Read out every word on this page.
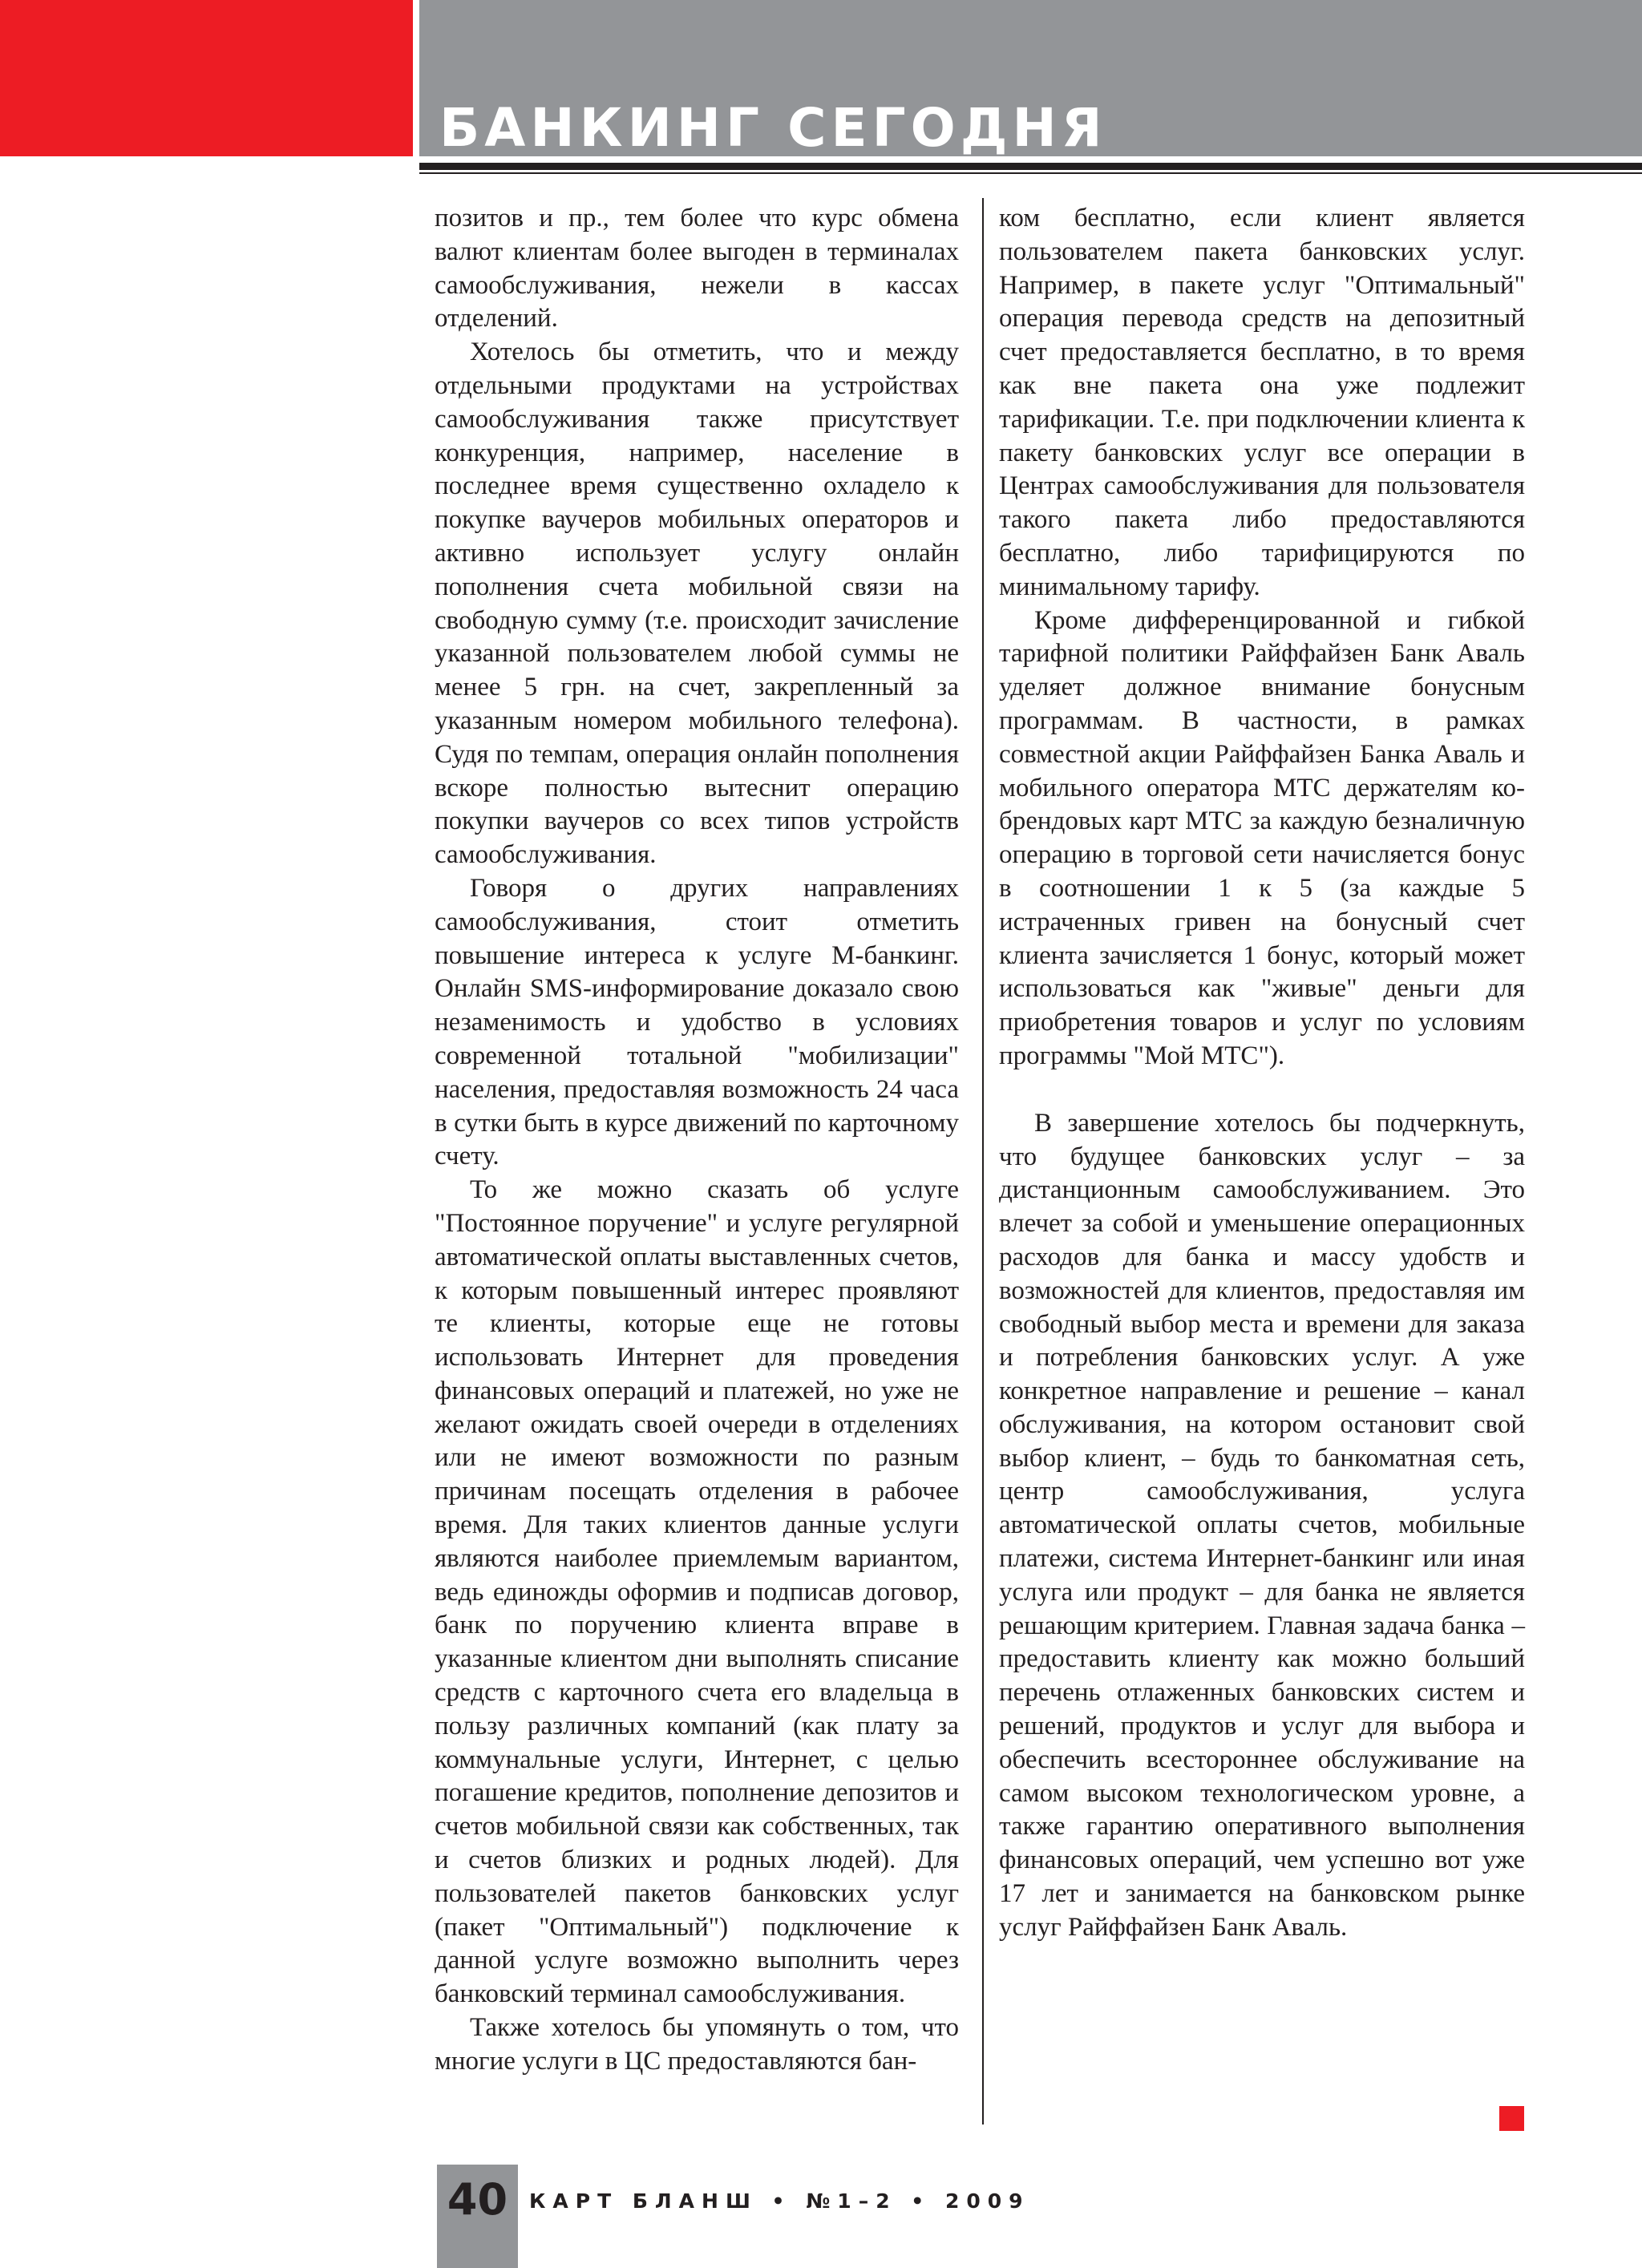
БАНКИНГ СЕГОДНЯ

позитов и пр., тем более что курс обмена валют клиентам более выгоден в терминалах самообслуживания, нежели в кассах отделений.

Хотелось бы отметить, что и между отдельными продуктами на устройствах самообслуживания также присутствует конкуренция, например, население в последнее время существенно охладело к покупке ваучеров мобильных операторов и активно использует услугу онлайн пополнения счета мобильной связи на свободную сумму (т.е. происходит зачисление указанной пользователем любой суммы не менее 5 грн. на счет, закрепленный за указанным номером мобильного телефона). Судя по темпам, операция онлайн пополнения вскоре полностью вытеснит операцию покупки ваучеров со всех типов устройств самообслуживания.

Говоря о других направлениях самообслуживания, стоит отметить повышение интереса к услуге М-банкинг. Онлайн SMS-информирование доказало свою незаменимость и удобство в условиях современной тотальной "мобилизации" населения, предоставляя возможность 24 часа в сутки быть в курсе движений по карточному счету.

То же можно сказать об услуге "Постоянное поручение" и услуге регулярной автоматической оплаты выставленных счетов, к которым повышенный интерес проявляют те клиенты, которые еще не готовы использовать Интернет для проведения финансовых операций и платежей, но уже не желают ожидать своей очереди в отделениях или не имеют возможности по разным причинам посещать отделения в рабочее время. Для таких клиентов данные услуги являются наиболее приемлемым вариантом, ведь единожды оформив и подписав договор, банк по поручению клиента вправе в указанные клиентом дни выполнять списание средств с карточного счета его владельца в пользу различных компаний (как плату за коммунальные услуги, Интернет, с целью погашение кредитов, пополнение депозитов и счетов мобильной связи как собственных, так и счетов близких и родных людей). Для пользователей пакетов банковских услуг (пакет "Оптимальный") подключение к данной услуге возможно выполнить через банковский терминал самообслуживания.

Также хотелось бы упомянуть о том, что многие услуги в ЦС предоставляются бан-

ком бесплатно, если клиент является пользователем пакета банковских услуг. Например, в пакете услуг "Оптимальный" операция перевода средств на депозитный счет предоставляется бесплатно, в то время как вне пакета она уже подлежит тарификации. Т.е. при подключении клиента к пакету банковских услуг все операции в Центрах самообслуживания для пользователя такого пакета либо предоставляются бесплатно, либо тарифицируются по минимальному тарифу.

Кроме дифференцированной и гибкой тарифной политики Райффайзен Банк Аваль уделяет должное внимание бонусным программам. В частности, в рамках совместной акции Райффайзен Банка Аваль и мобильного оператора МТС держателям ко-брендовых карт МТС за каждую безналичную операцию в торговой сети начисляется бонус в соотношении 1 к 5 (за каждые 5 истраченных гривен на бонусный счет клиента зачисляется 1 бонус, который может использоваться как "живые" деньги для приобретения товаров и услуг по условиям программы "Мой МТС").

В завершение хотелось бы подчеркнуть, что будущее банковских услуг – за дистанционным самообслуживанием. Это влечет за собой и уменьшение операционных расходов для банка и массу удобств и возможностей для клиентов, предоставляя им свободный выбор места и времени для заказа и потребления банковских услуг. А уже конкретное направление и решение – канал обслуживания, на котором остановит свой выбор клиент, – будь то банкоматная сеть, центр самообслуживания, услуга автоматической оплаты счетов, мобильные платежи, система Интернет-банкинг или иная услуга или продукт – для банка не является решающим критерием. Главная задача банка – предоставить клиенту как можно больший перечень отлаженных банковских систем и решений, продуктов и услуг для выбора и обеспечить всестороннее обслуживание на самом высоком технологическом уровне, а также гарантию оперативного выполнения финансовых операций, чем успешно вот уже 17 лет и занимается на банковском рынке услуг Райффайзен Банк Аваль.

40	КАРТ БЛАНШ • №1–2 • 2009
